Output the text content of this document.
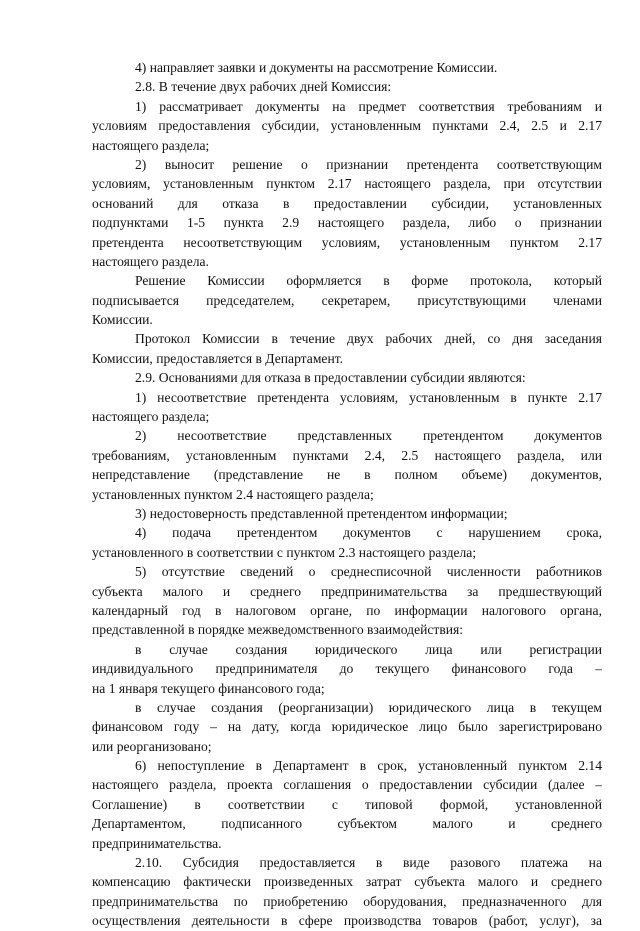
4) направляет заявки и документы на рассмотрение Комиссии.
2.8. В течение двух рабочих дней Комиссия:
1) рассматривает документы на предмет соответствия требованиям и
условиям предоставления субсидии, установленным пунктами 2.4, 2.5 и 2.17
настоящего раздела;
2) выносит решение о признании претендента соответствующим
условиям, установленным пунктом 2.17 настоящего раздела, при отсутствии
оснований для отказа в предоставлении субсидии, установленных
подпунктами 1-5 пункта 2.9 настоящего раздела, либо о признании
претендента несоответствующим условиям, установленным пунктом 2.17
настоящего раздела.
Решение Комиссии оформляется в форме протокола, который
подписывается председателем, секретарем, присутствующими членами
Комиссии.
Протокол Комиссии в течение двух рабочих дней, со дня заседания
Комиссии, предоставляется в Департамент.
2.9. Основаниями для отказа в предоставлении субсидии являются:
1) несоответствие претендента условиям, установленным в пункте 2.17
настоящего раздела;
2) несоответствие представленных претендентом документов
требованиям, установленным пунктами 2.4, 2.5 настоящего раздела, или
непредставление (представление не в полном объеме) документов,
установленных пунктом 2.4 настоящего раздела;
3) недостоверность представленной претендентом информации;
4) подача претендентом документов с нарушением срока,
установленного в соответствии с пунктом 2.3 настоящего раздела;
5) отсутствие сведений о среднесписочной численности работников
субъекта малого и среднего предпринимательства за предшествующий
календарный год в налоговом органе, по информации налогового органа,
представленной в порядке межведомственного взаимодействия:
в случае создания юридического лица или регистрации
индивидуального предпринимателя до текущего финансового года –
на 1 января текущего финансового года;
в случае создания (реорганизации) юридического лица в текущем
финансовом году – на дату, когда юридическое лицо было зарегистрировано
или реорганизовано;
6) непоступление в Департамент в срок, установленный пунктом 2.14
настоящего раздела, проекта соглашения о предоставлении субсидии (далее –
Соглашение) в соответствии с типовой формой, установленной
Департаментом, подписанного субъектом малого и среднего
предпринимательства.
2.10. Субсидия предоставляется в виде разового платежа на
компенсацию фактически произведенных затрат субъекта малого и среднего
предпринимательства по приобретению оборудования, предназначенного для
осуществления деятельности в сфере производства товаров (работ, услуг), за
